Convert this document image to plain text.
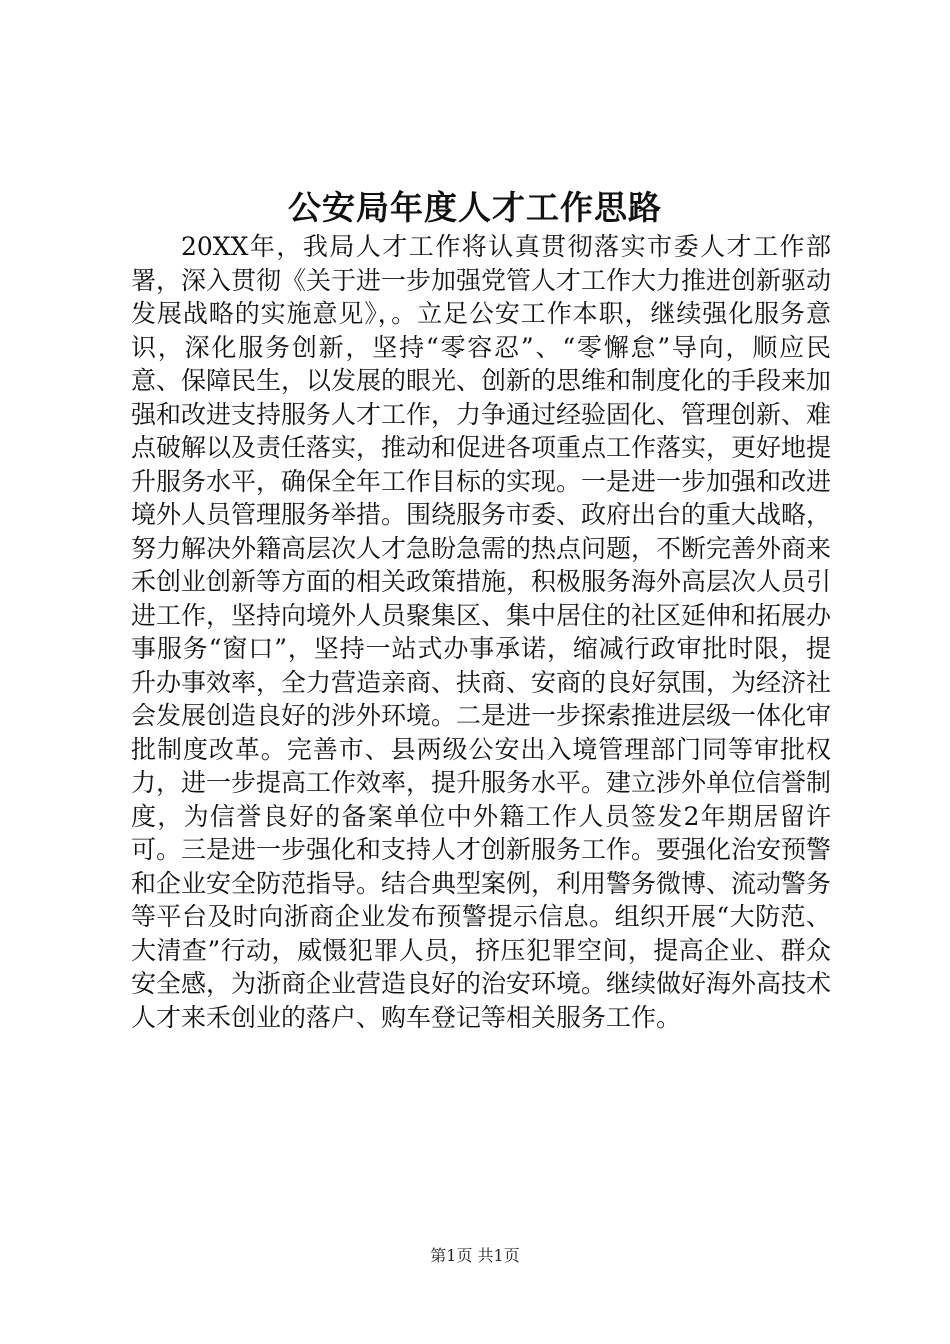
公安局年度人才工作思路

20XX年，我局人才工作将认真贯彻落实市委人才工作部署，深入贯彻《关于进一步加强党管人才工作大力推进创新驱动发展战略的实施意见》，。立足公安工作本职，继续强化服务意识，深化服务创新，坚持“零容忍”、“零懈怠”导向，顺应民意、保障民生，以发展的眼光、创新的思维和制度化的手段来加强和改进支持服务人才工作，力争通过经验固化、管理创新、难点破解以及责任落实，推动和促进各项重点工作落实，更好地提升服务水平，确保全年工作目标的实现。一是进一步加强和改进境外人员管理服务举措。围绕服务市委、政府出台的重大战略，努力解决外籍高层次人才急盼急需的热点问题，不断完善外商来禾创业创新等方面的相关政策措施，积极服务海外高层次人员引进工作，坚持向境外人员聚集区、集中居住的社区延伸和拓展办事服务“窗口”，坚持一站式办事承诺，缩减行政审批时限，提升办事效率，全力营造亲商、扶商、安商的良好氛围，为经济社会发展创造良好的涉外环境。二是进一步探索推进层级一体化审批制度改革。完善市、县两级公安出入境管理部门同等审批权力，进一步提高工作效率，提升服务水平。建立涉外单位信誉制度，为信誉良好的备案单位中外籍工作人员签发2年期居留许可。三是进一步强化和支持人才创新服务工作。要强化治安预警和企业安全防范指导。结合典型案例，利用警务微博、流动警务等平台及时向浙商企业发布预警提示信息。组织开展“大防范、大清查”行动，威慑犯罪人员，挤压犯罪空间，提高企业、群众安全感，为浙商企业营造良好的治安环境。继续做好海外高技术人才来禾创业的落户、购车登记等相关服务工作。

第1页 共1页
